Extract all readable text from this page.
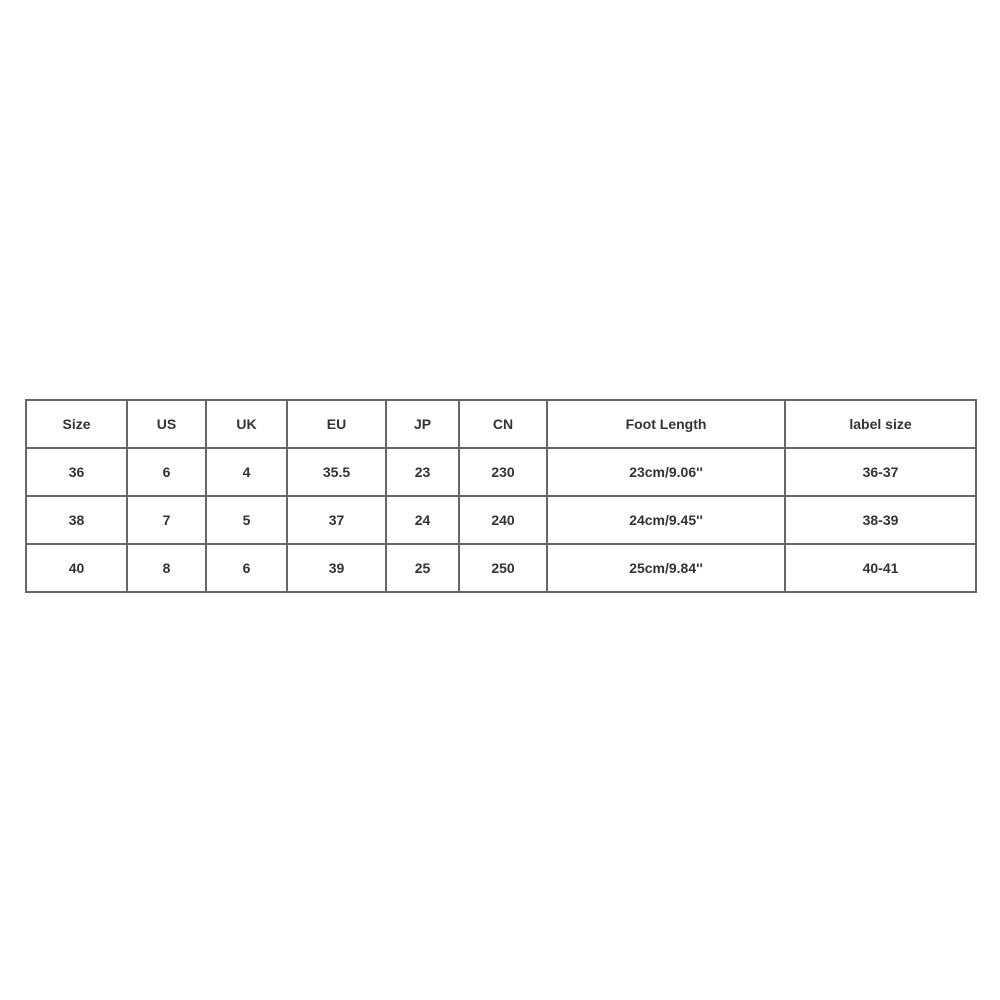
Size	US	UK	EU	JP	CN	Foot Length	label size
36	6	4	35.5	23	230	23cm/9.06''	36-37
38	7	5	37	24	240	24cm/9.45''	38-39
40	8	6	39	25	250	25cm/9.84''	40-41
